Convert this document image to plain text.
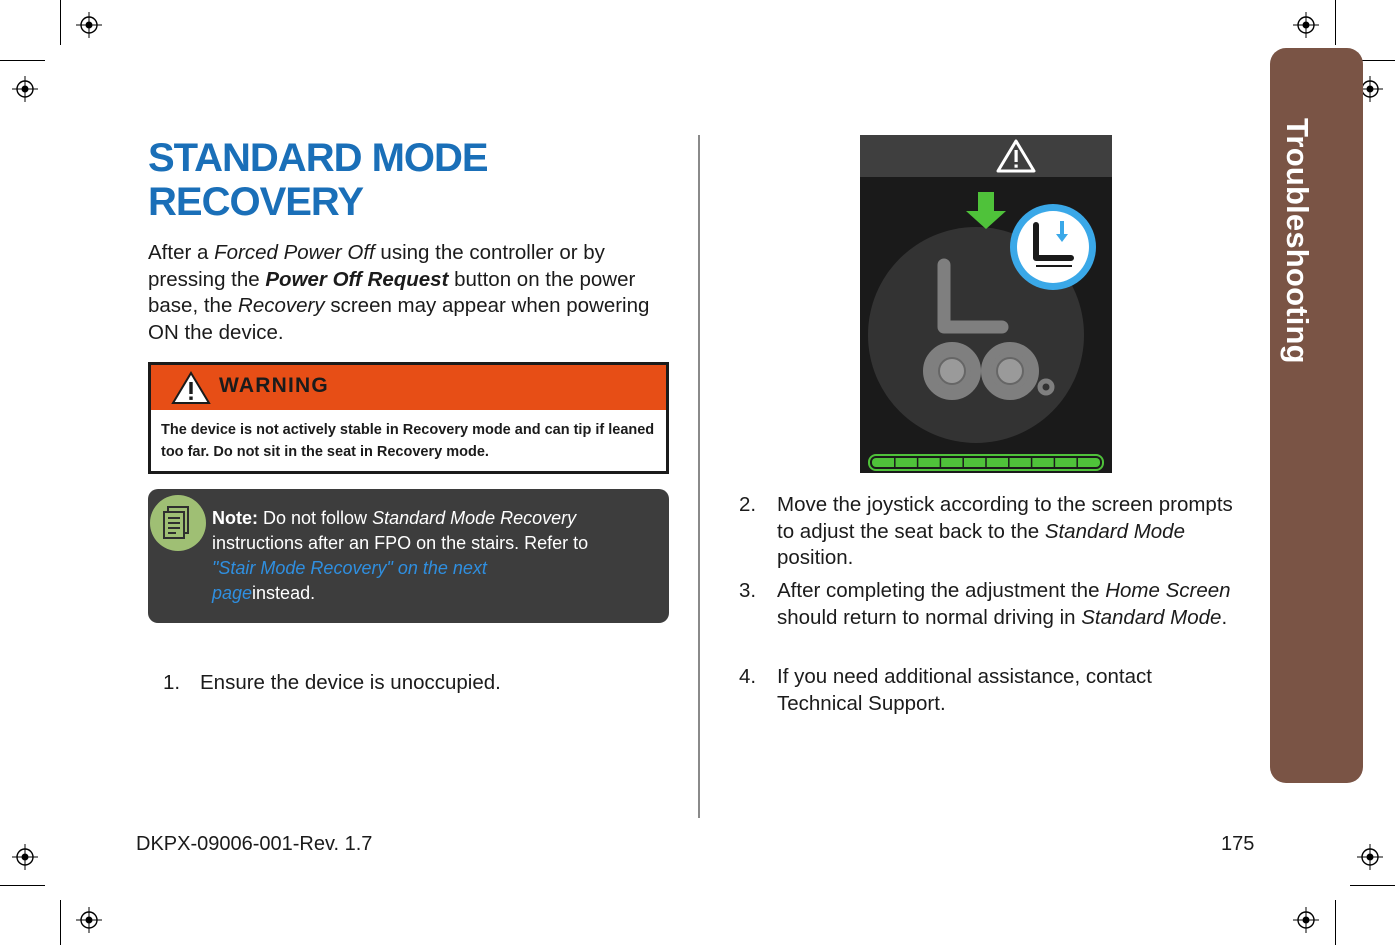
Troubleshooting
STANDARD MODE
RECOVERY

After a Forced Power Off using the controller or by pressing the Power Off Request button on the power base, the Recovery screen may appear when powering ON the device.

WARNING
The device is not actively stable in Recovery mode and can tip if leaned too far. Do not sit in the seat in Recovery mode.
Note: Do not follow Standard Mode Recovery instructions after an FPO on the stairs. Refer to
"Stair Mode Recovery" on the next
pageinstead.
1. Ensure the device is unoccupied.
2. Move the joystick according to the screen prompts to adjust the seat back to the Standard Mode position.
3. After completing the adjustment the Home Screen should return to normal driving in Standard Mode.
4. If you need additional assistance, contact Technical Support.
DKPX-09006-001-Rev. 1.7	175
